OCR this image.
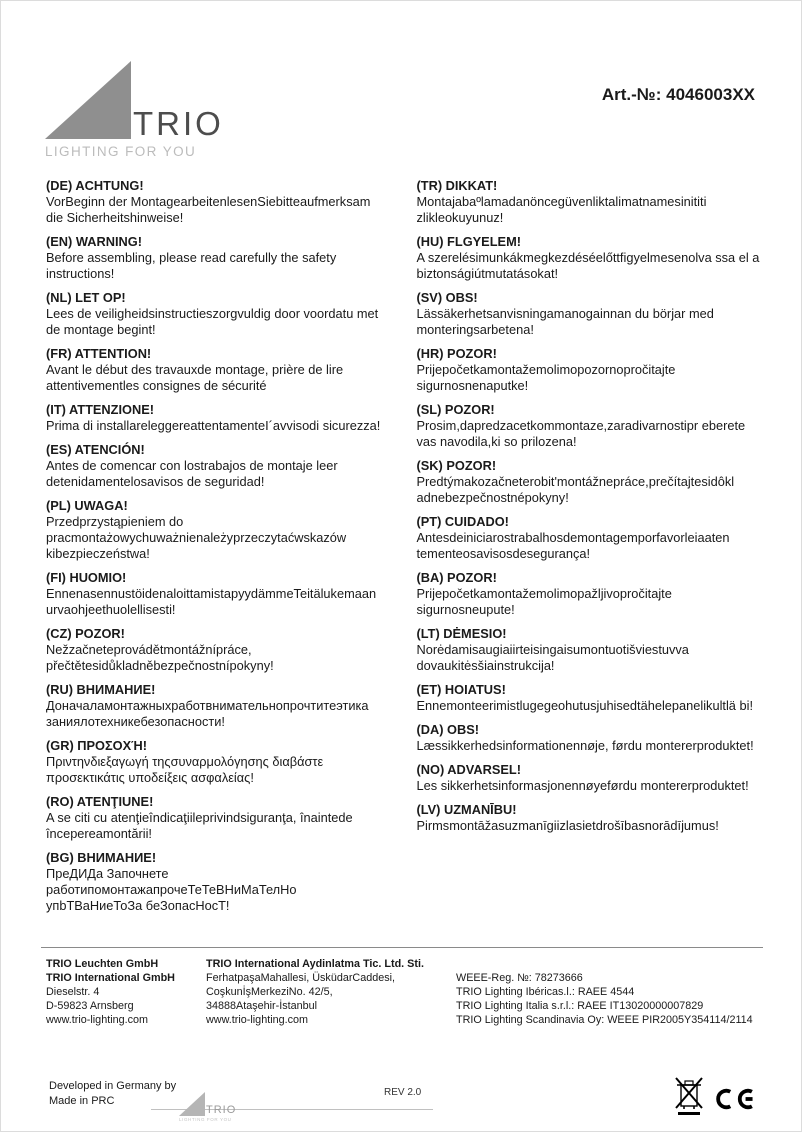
TRIO
LIGHTING FOR YOU
Art.-№: 4046003XX
(DE) ACHTUNG!
VorBeginn der MontagearbeitenlesenSiebitteaufmerksam die Sicherheitshinweise!
(EN) WARNING!
Before assembling, please read carefully the safety instructions!
(NL) LET OP!
Lees de veiligheidsinstructieszorgvuldig door voordatu met de montage begint!
(FR) ATTENTION!
Avant le début des travauxde montage, prière de lire attentivementles consignes de sécurité
(IT) ATTENZIONE!
Prima di installareleggereattentamenteI´avvisodi sicurezza!
(ES) ATENCIÓN!
Antes de comencar con lostrabajos de montaje leer detenidamentelosavisos de seguridad!
(PL) UWAGA!
Przedprzystąpieniem do pracmontażowychuważnienależyprzeczytaćwskazów kibezpieczeństwa!
(FI) HUOMIO!
EnnenasennustöidenaloittamistapyydämmeTeitälukemaan urvaohjeethuolellisesti!
(CZ) POZOR!
Nežzačneteprovádětmontážnípráce, přečtětesidůkladněbezpečnostnípokyny!
(RU) ВНИМАНИЕ!
Доначаламонтажныхработвнимательнопрочтитеэтика заниялотехникебезопасности!
(GR) ΠΡΟΣΟΧΉ!
Πριντηνδιεξαγωγή τηςσυναρμολόγησης διαβάστε προσεκτικάτις υποδείξεις ασφαλείας!
(RO) ATENŢIUNE!
A se citi cu atenţieîndicaţiileprivindsiguranţa, înaintede începereamontării!
(BG) ВНИМАНИЕ!
ПреДИДа Започнете работипомонтажапрочеТеТеВНиМаТелНо упbТВаНиеТоЗа беЗопасНосТ!
(TR) DIKKAT!
Montajabaºlamadanöncegüvenliktalimatnamesinititi zlikleokuyunuz!
(HU) FLGYELEM!
A szerelésimunkákmegkezdéséelőttfigyelmesenolva ssa el a biztonságiútmutatásokat!
(SV) OBS!
Lässäkerhetsanvisningamanogainnan du börjar med monteringsarbetena!
(HR) POZOR!
Prijepočetkamontažemolimopozornopročitajte sigurnosnenaputke!
(SL) POZOR!
Prosim,dapredzacetkommontaze,zaradivarnostipr eberete vas navodila,ki so prilozena!
(SK) POZOR!
Predtýmakozačneterobit'montážnepráce,prečítajtesidôkl adnebezpečnostnépokyny!
(PT) CUIDADO!
Antesdeiniciarostrabalhosdemontagemporfavorleiaaten tementeosavisosdesegurança!
(BA) POZOR!
Prijepočetkamontažemolimopažljivopročitajte sigurnosneupute!
(LT) DĖMESIO!
Norėdamisaugiaiirteisingaisumontuotišviestuvva dovaukitėsšiainstrukcija!
(ET) HOIATUS!
Ennemonteerimistlugegeohutusjuhisedtähelepanelikultlä bi!
(DA) OBS!
Læssikkerhedsinformationennøje, førdu montererproduktet!
(NO) ADVARSEL!
Les sikkerhetsinformasjonennøyeførdu montererproduktet!
(LV) UZMANĪBU!
Pirmsmontāžasuzmanīgiizlasietdrošībasnorādījumus!
TRIO Leuchten GmbH
TRIO International GmbH
Dieselstr. 4
D-59823 Arnsberg
www.trio-lighting.com
TRIO International Aydinlatma Tic. Ltd. Sti.
FerhatpaşaMahallesi, ÜsküdarCaddesi,
CoşkunİşMerkeziNo. 42/5,
34888Ataşehir-İstanbul
www.trio-lighting.com
WEEE-Reg. №: 78273666
TRIO Lighting Ibéricas.l.: RAEE 4544
TRIO Lighting Italia s.r.l.: RAEE IT13020000007829
TRIO Lighting Scandinavia Oy: WEEE PIR2005Y354114/2114
Developed in Germany by
Made in PRC
REV 2.0
TRIO
LIGHTING FOR YOU
